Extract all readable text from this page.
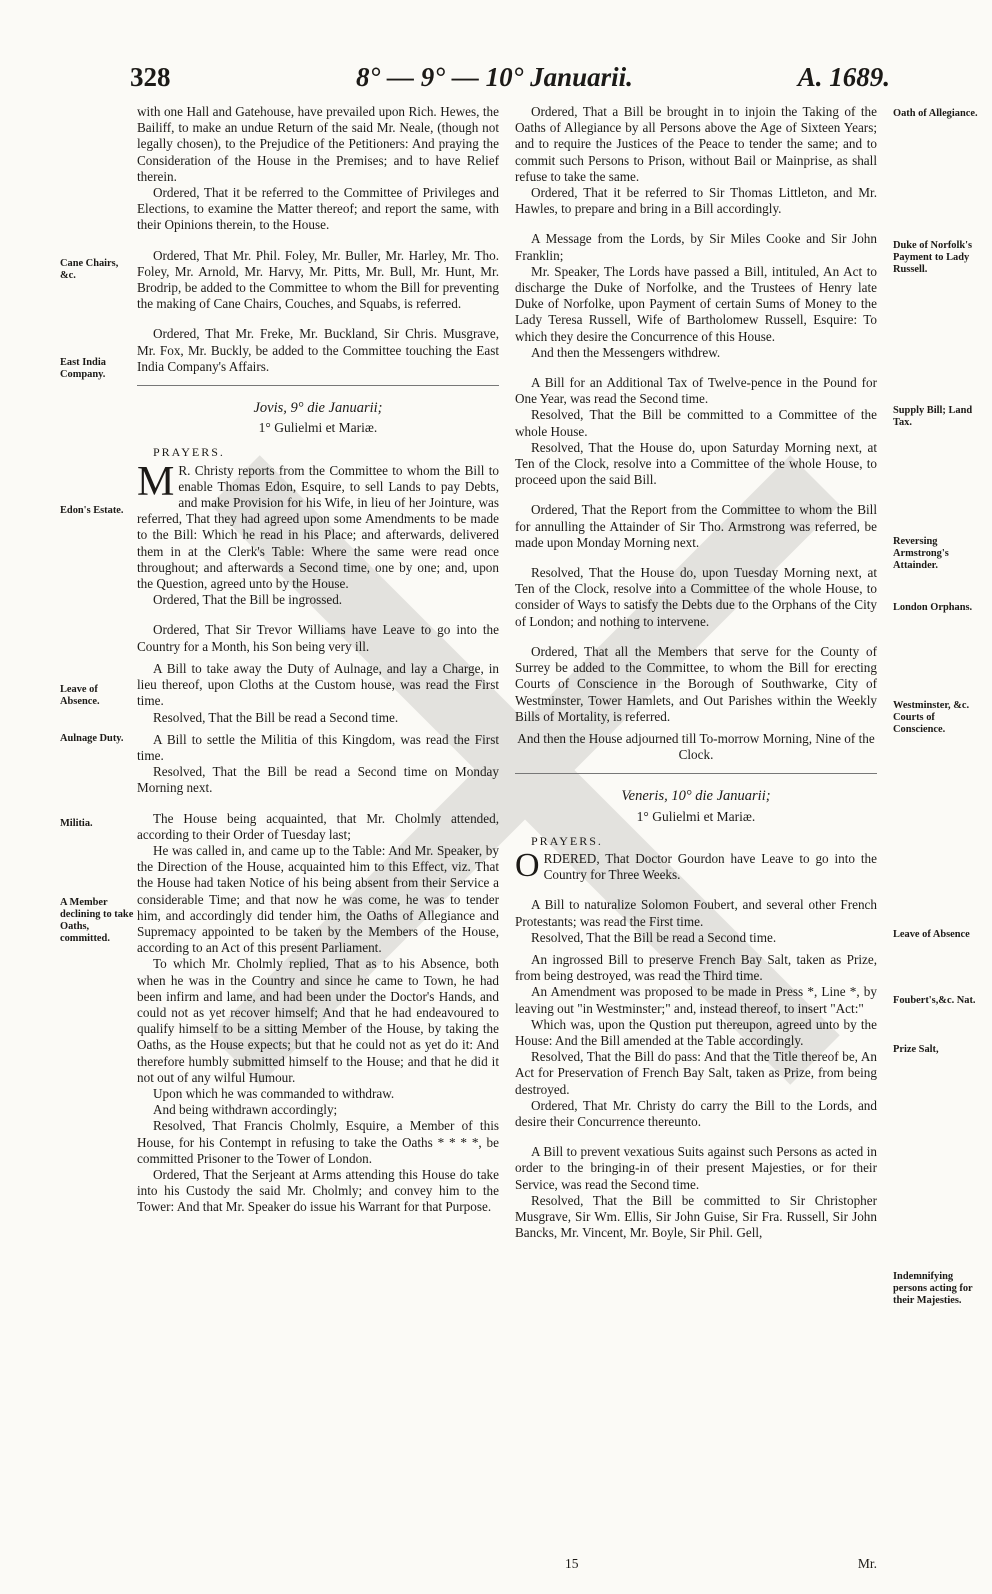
328	8° — 9° — 10° Januarii.	A. 1689.

with one Hall and Gatehouse, have prevailed upon Rich. Hewes, the Bailiff, to make an undue Return of the said Mr. Neale, (though not legally chosen), to the Prejudice of the Petitioners: And praying the Consideration of the House in the Premises; and to have Relief therein.

Ordered, That it be referred to the Committee of Privileges and Elections, to examine the Matter thereof; and report the same, with their Opinions therein, to the House.

Ordered, That Mr. Phil. Foley, Mr. Buller, Mr. Harley, Mr. Tho. Foley, Mr. Arnold, Mr. Harvy, Mr. Pitts, Mr. Bull, Mr. Hunt, Mr. Brodrip, be added to the Committee to whom the Bill for preventing the making of Cane Chairs, Couches, and Squabs, is referred.

Ordered, That Mr. Freke, Mr. Buckland, Sir Chris. Musgrave, Mr. Fox, Mr. Buckly, be added to the Committee touching the East India Company's Affairs.

Jovis, 9° die Januarii;
1° Gulielmi et Mariæ.
PRAYERS.
M R. Christy reports from the Committee to whom the Bill to enable Thomas Edon, Esquire, to sell Lands to pay Debts, and make Provision for his Wife, in lieu of her Jointure, was referred, That they had agreed upon some Amendments to be made to the Bill: Which he read in his Place; and afterwards, delivered them in at the Clerk's Table: Where the same were read once throughout; and afterwards a Second time, one by one; and, upon the Question, agreed unto by the House.

Ordered, That the Bill be ingrossed.

Ordered, That Sir Trevor Williams have Leave to go into the Country for a Month, his Son being very ill.

A Bill to take away the Duty of Aulnage, and lay a Charge, in lieu thereof, upon Cloths at the Custom house, was read the First time.

Resolved, That the Bill be read a Second time.

A Bill to settle the Militia of this Kingdom, was read the First time.

Resolved, That the Bill be read a Second time on Monday Morning next.

The House being acquainted, that Mr. Cholmly attended, according to their Order of Tuesday last;

He was called in, and came up to the Table: And Mr. Speaker, by the Direction of the House, acquainted him to this Effect, viz. That the House had taken Notice of his being absent from their Service a considerable Time; and that now he was come, he was to tender him, and accordingly did tender him, the Oaths of Allegiance and Supremacy appointed to be taken by the Members of the House, according to an Act of this present Parliament.

To which Mr. Cholmly replied, That as to his Absence, both when he was in the Country and since he came to Town, he had been infirm and lame, and had been under the Doctor's Hands, and could not as yet recover himself; And that he had endeavoured to qualify himself to be a sitting Member of the House, by taking the Oaths, as the House expects; but that he could not as yet do it: And therefore humbly submitted himself to the House; and that he did it not out of any wilful Humour.

Upon which he was commanded to withdraw.

And being withdrawn accordingly;

Resolved, That Francis Cholmly, Esquire, a Member of this House, for his Contempt in refusing to take the Oaths * * * *, be committed Prisoner to the Tower of London.

Ordered, That the Serjeant at Arms attending this House do take into his Custody the said Mr. Cholmly; and convey him to the Tower: And that Mr. Speaker do issue his Warrant for that Purpose.

Ordered, That a Bill be brought in to injoin the Taking of the Oaths of Allegiance by all Persons above the Age of Sixteen Years; and to require the Justices of the Peace to tender the same; and to commit such Persons to Prison, without Bail or Mainprise, as shall refuse to take the same.

Ordered, That it be referred to Sir Thomas Littleton, and Mr. Hawles, to prepare and bring in a Bill accordingly.

A Message from the Lords, by Sir Miles Cooke and Sir John Franklin;

Mr. Speaker, The Lords have passed a Bill, intituled, An Act to discharge the Duke of Norfolke, and the Trustees of Henry late Duke of Norfolke, upon Payment of certain Sums of Money to the Lady Teresa Russell, Wife of Bartholomew Russell, Esquire: To which they desire the Concurrence of this House.

And then the Messengers withdrew.

A Bill for an Additional Tax of Twelve-pence in the Pound for One Year, was read the Second time.

Resolved, That the Bill be committed to a Committee of the whole House.

Resolved, That the House do, upon Saturday Morning next, at Ten of the Clock, resolve into a Committee of the whole House, to proceed upon the said Bill.

Ordered, That the Report from the Committee to whom the Bill for annulling the Attainder of Sir Tho. Armstrong was referred, be made upon Monday Morning next.

Resolved, That the House do, upon Tuesday Morning next, at Ten of the Clock, resolve into a Committee of the whole House, to consider of Ways to satisfy the Debts due to the Orphans of the City of London; and nothing to intervene.

Ordered, That all the Members that serve for the County of Surrey be added to the Committee, to whom the Bill for erecting Courts of Conscience in the Borough of Southwarke, City of Westminster, Tower Hamlets, and Out Parishes within the Weekly Bills of Mortality, is referred.

And then the House adjourned till To-morrow Morning, Nine of the Clock.

Veneris, 10° die Januarii;
1° Gulielmi et Mariæ.
PRAYERS.
O RDERED, That Doctor Gourdon have Leave to go into the Country for Three Weeks.

A Bill to naturalize Solomon Foubert, and several other French Protestants; was read the First time.

Resolved, That the Bill be read a Second time.

An ingrossed Bill to preserve French Bay Salt, taken as Prize, from being destroyed, was read the Third time.

An Amendment was proposed to be made in Press *, Line *, by leaving out "in Westminster;" and, instead thereof, to insert "Act:"

Which was, upon the Qustion put thereupon, agreed unto by the House: And the Bill amended at the Table accordingly.

Resolved, That the Bill do pass: And that the Title thereof be, An Act for Preservation of French Bay Salt, taken as Prize, from being destroyed.

Ordered, That Mr. Christy do carry the Bill to the Lords, and desire their Concurrence thereunto.

A Bill to prevent vexatious Suits against such Persons as acted in order to the bringing-in of their present Majesties, or for their Service, was read the Second time.

Resolved, That the Bill be committed to Sir Christopher Musgrave, Sir Wm. Ellis, Sir John Guise, Sir Fra. Russell, Sir John Bancks, Mr. Vincent, Mr. Boyle, Sir Phil. Gell,

Cane Chairs, &c.
East India Company.
Edon's Estate.
Leave of Absence.
Aulnage Duty.
Militia.
A Member declining to take Oaths, committed.
Oath of Allegiance.
Duke of Norfolk's Payment to Lady Russell.
Supply Bill; Land Tax.
Reversing Armstrong's Attainder.
London Orphans.
Westminster, &c. Courts of Conscience.
Leave of Absence
Foubert's,&c. Nat.
Prize Salt,
Indemnifying persons acting for their Majesties.
15	Mr.
